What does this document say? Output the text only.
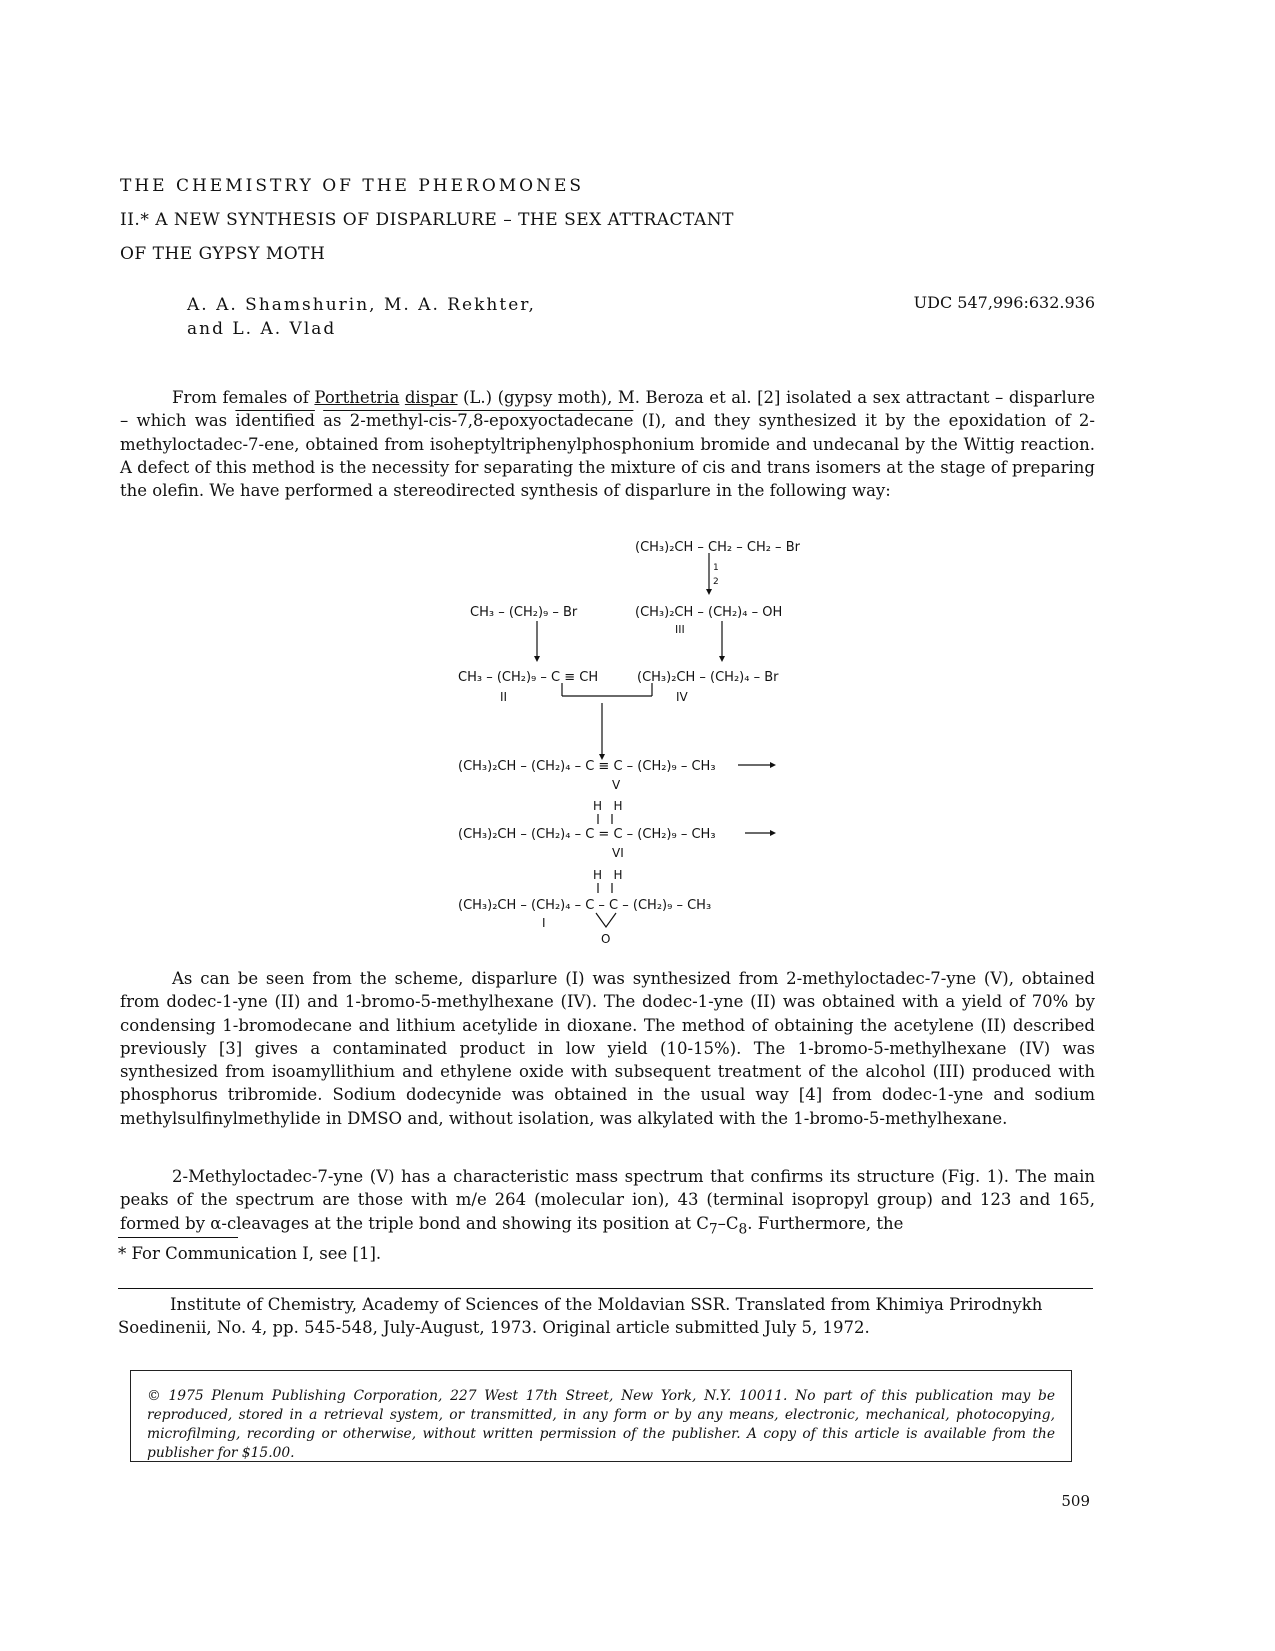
THE CHEMISTRY OF THE PHEROMONES
II.* A NEW SYNTHESIS OF DISPARLURE – THE SEX ATTRACTANT
OF THE GYPSY MOTH
A. A. Shamshurin, M. A. Rekhter,
and L. A. Vlad
UDC 547,996:632.936

From females of Porthetria dispar (L.) (gypsy moth), M. Beroza et al. [2] isolated a sex attractant – disparlure – which was identified as 2-methyl-cis-7,8-epoxyoctadecane (I), and they synthesized it by the epoxidation of 2-methyloctadec-7-ene, obtained from isoheptyltriphenylphosphonium bromide and undecanal by the Wittig reaction. A defect of this method is the necessity for separating the mixture of cis and trans isomers at the stage of preparing the olefin. We have performed a stereodirected synthesis of disparlure in the following way:

(CH₃)₂CH – CH₂ – CH₂ – Br
1
2
CH₃ – (CH₂)₉ – Br	(CH₃)₂CH – (CH₂)₄ – OH
III
CH₃ – (CH₂)₉ – C ≡ CH
II
(CH₃)₂CH – (CH₂)₄ – Br
IV
(CH₃)₂CH – (CH₂)₄ – C ≡ C – (CH₂)₉ – CH₃
V
H   H
(CH₃)₂CH – (CH₂)₄ – C = C – (CH₂)₉ – CH₃
VI
H   H
(CH₃)₂CH – (CH₂)₄ – C – C – (CH₂)₉ – CH₃
I
O

As can be seen from the scheme, disparlure (I) was synthesized from 2-methyloctadec-7-yne (V), obtained from dodec-1-yne (II) and 1-bromo-5-methylhexane (IV). The dodec-1-yne (II) was obtained with a yield of 70% by condensing 1-bromodecane and lithium acetylide in dioxane. The method of obtaining the acetylene (II) described previously [3] gives a contaminated product in low yield (10-15%). The 1-bromo-5-methylhexane (IV) was synthesized from isoamyllithium and ethylene oxide with subsequent treatment of the alcohol (III) produced with phosphorus tribromide. Sodium dodecynide was obtained in the usual way [4] from dodec-1-yne and sodium methylsulfinylmethylide in DMSO and, without isolation, was alkylated with the 1-bromo-5-methylhexane.

2-Methyloctadec-7-yne (V) has a characteristic mass spectrum that confirms its structure (Fig. 1). The main peaks of the spectrum are those with m/e 264 (molecular ion), 43 (terminal isopropyl group) and 123 and 165, formed by α-cleavages at the triple bond and showing its position at $C_7-C_8$. Furthermore, the

* For Communication I, see [1].

Institute of Chemistry, Academy of Sciences of the Moldavian SSR. Translated from Khimiya Prirodnykh Soedinenii, No. 4, pp. 545-548, July-August, 1973. Original article submitted July 5, 1972.

© 1975 Plenum Publishing Corporation, 227 West 17th Street, New York, N.Y. 10011. No part of this publication may be reproduced, stored in a retrieval system, or transmitted, in any form or by any means, electronic, mechanical, photocopying, microfilming, recording or otherwise, without written permission of the publisher. A copy of this article is available from the publisher for $15.00.
509
